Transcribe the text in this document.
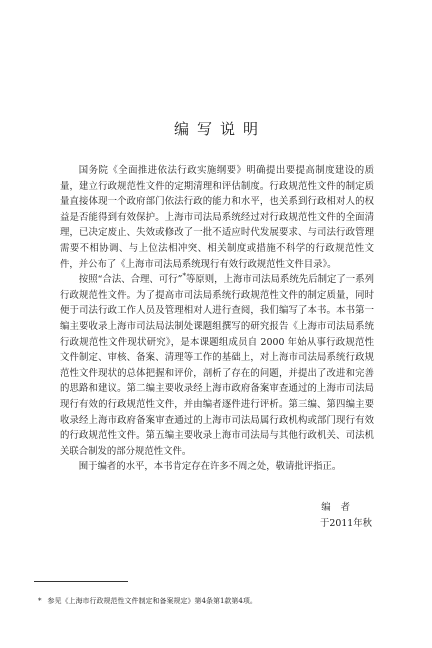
编写说明

国务院《全面推进依法行政实施纲要》明确提出要提高制度建设的质量，建立行政规范性文件的定期清理和评估制度。行政规范性文件的制定质量直接体现一个政府部门依法行政的能力和水平，也关系到行政相对人的权益是否能得到有效保护。上海市司法局系统经过对行政规范性文件的全面清理，已决定废止、失效或修改了一批不适应时代发展要求、与司法行政管理需要不相协调、与上位法相冲突、相关制度或措施不科学的行政规范性文件，并公布了《上海市司法局系统现行有效行政规范性文件目录》。

按照“合法、合理、可行”*等原则，上海市司法局系统先后制定了一系列行政规范性文件。为了提高市司法局系统行政规范性文件的制定质量，同时便于司法行政工作人员及管理相对人进行查阅，我们编写了本书。本书第一编主要收录上海市司法局法制处课题组撰写的研究报告《上海市司法局系统行政规范性文件现状研究》，是本课题组成员自 2000 年始从事行政规范性文件制定、审核、备案、清理等工作的基础上，对上海市司法局系统行政规范性文件现状的总体把握和评价，剖析了存在的问题，并提出了改进和完善的思路和建议。第二编主要收录经上海市政府备案审查通过的上海市司法局现行有效的行政规范性文件，并由编者逐件进行评析。第三编、第四编主要收录经上海市政府备案审查通过的上海市司法局属行政机构或部门现行有效的行政规范性文件。第五编主要收录上海市司法局与其他行政机关、司法机关联合制发的部分规范性文件。

囿于编者的水平，本书肯定存在许多不周之处，敬请批评指正。

编者
于2011年秋
* 参见《上海市行政规范性文件制定和备案规定》第4条第1款第4项。
